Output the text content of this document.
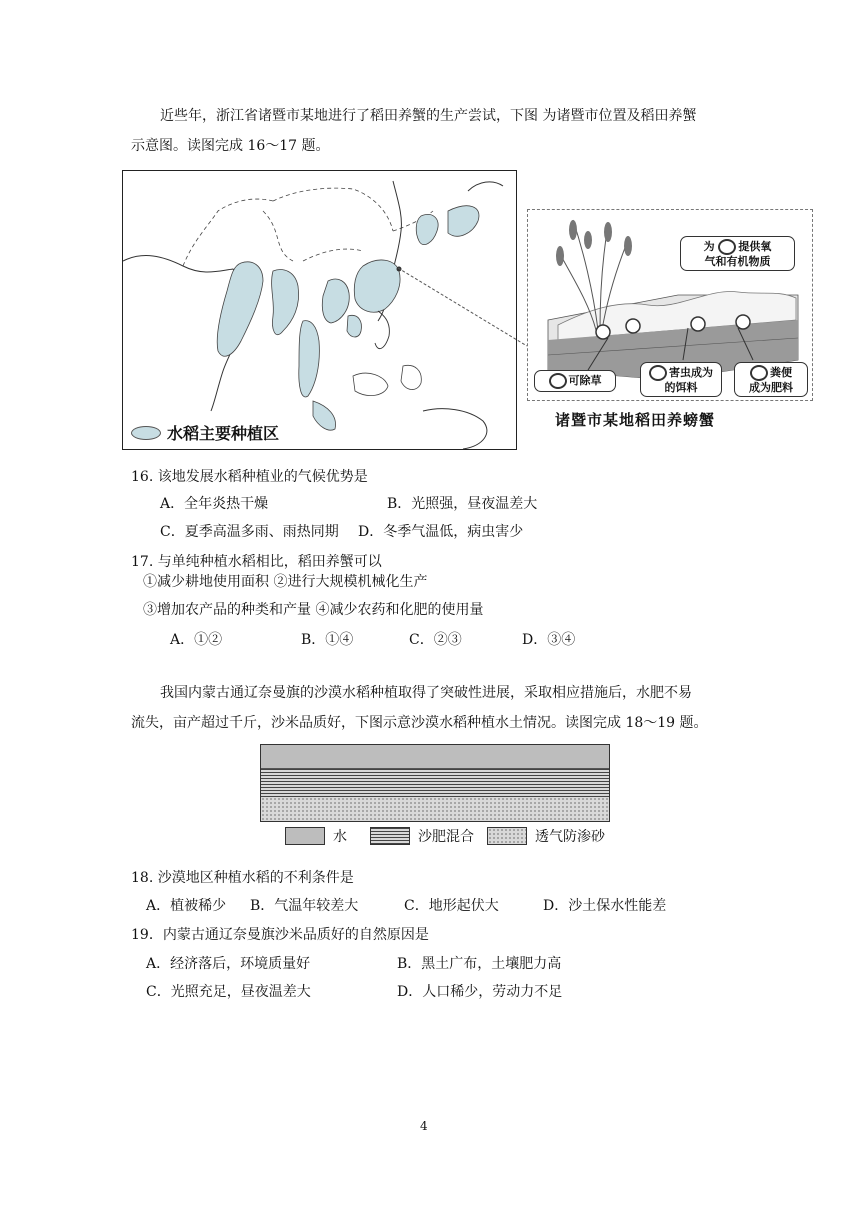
近些年，浙江省诸暨市某地进行了稻田养蟹的生产尝试，下图 为诸暨市位置及稻田养蟹
示意图。读图完成 16～17 题。
水稻主要种植区
为 提供氧
气和有机物质
可除草
害虫成为
的饵料
粪便
成为肥料
诸暨市某地稻田养螃蟹
16. 该地发展水稻种植业的气候优势是
A．全年炎热干燥	B．光照强，昼夜温差大
C．夏季高温多雨、雨热同期 D．冬季气温低，病虫害少
17. 与单纯种植水稻相比，稻田养蟹可以
①减少耕地使用面积 ②进行大规模机械化生产
③增加农产品的种类和产量 ④减少农药和化肥的使用量
A．①②	B．①④	C．②③	D．③④
我国内蒙古通辽奈曼旗的沙漠水稻种植取得了突破性进展，采取相应措施后，水肥不易
流失，亩产超过千斤，沙米品质好，下图示意沙漠水稻种植水土情况。读图完成 18～19 题。
水	沙肥混合	透气防渗砂
18. 沙漠地区种植水稻的不利条件是
A．植被稀少 B．气温年较差大	C．地形起伏大	D．沙土保水性能差
19．内蒙古通辽奈曼旗沙米品质好的自然原因是
A．经济落后，环境质量好	B．黑土广布，土壤肥力高
C．光照充足，昼夜温差大	D．人口稀少，劳动力不足
4
